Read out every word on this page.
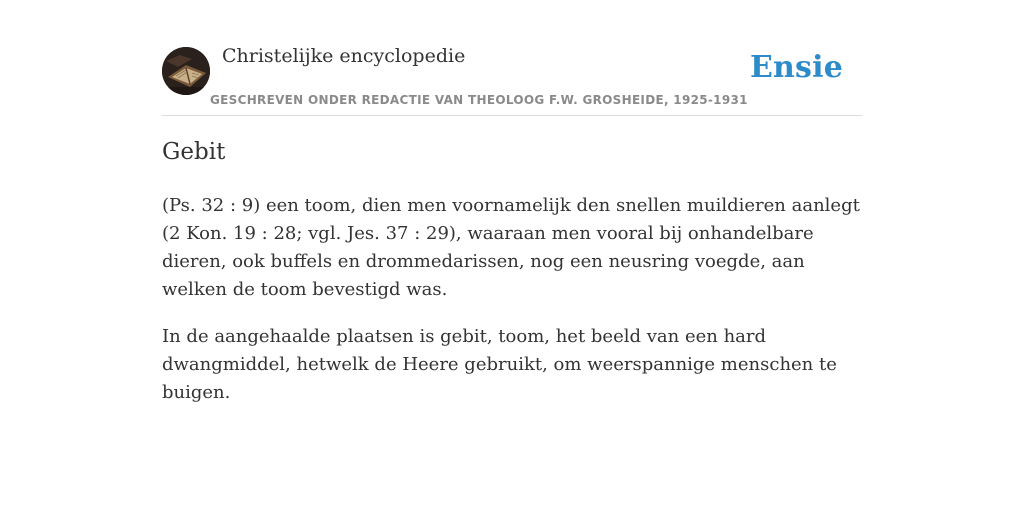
Christelijke encyclopedie
GESCHREVEN ONDER REDACTIE VAN THEOLOOG F.W. GROSHEIDE, 1925-1931
Ensie
Gebit

(Ps. 32 : 9) een toom, dien men voornamelijk den snellen muildieren aanlegt (2 Kon. 19 : 28; vgl. Jes. 37 : 29), waaraan men vooral bij onhandelbare dieren, ook buffels en drommedarissen, nog een neusring voegde, aan welken de toom bevestigd was.

In de aangehaalde plaatsen is gebit, toom, het beeld van een hard dwangmiddel, hetwelk de Heere gebruikt, om weerspannige menschen te buigen.
